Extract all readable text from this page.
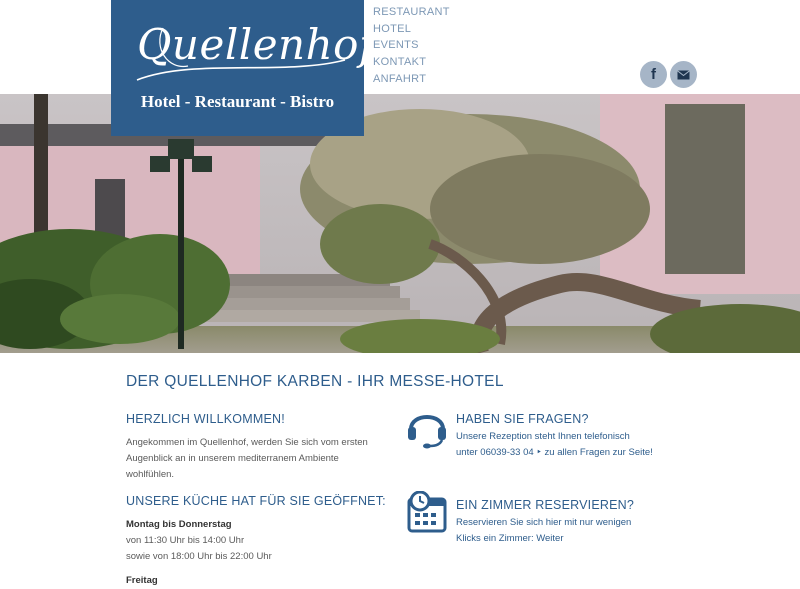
Quellenhof
Hotel - Restaurant - Bistro
RESTAURANT
HOTEL
EVENTS
KONTAKT
ANFAHRT	f
DER QUELLENHOF KARBEN - IHR MESSE-HOTEL
HERZLICH WILLKOMMEN!

Angekommen im Quellenhof, werden Sie sich vom ersten Augenblick an in unserem mediterranem Ambiente wohlfühlen.

UNSERE KÜCHE HAT FÜR SIE GEÖFFNET:
Montag bis Donnerstag
von 11:30 Uhr bis 14:00 Uhr
sowie von 18:00 Uhr bis 22:00 Uhr
Freitag
HABEN SIE FRAGEN?

Unsere Rezeption steht Ihnen telefonisch

unter 06039-33 04 ‣ zu allen Fragen zur Seite!

EIN ZIMMER RESERVIEREN?

Reservieren Sie sich hier mit nur wenigen

Klicks ein Zimmer: Weiter
